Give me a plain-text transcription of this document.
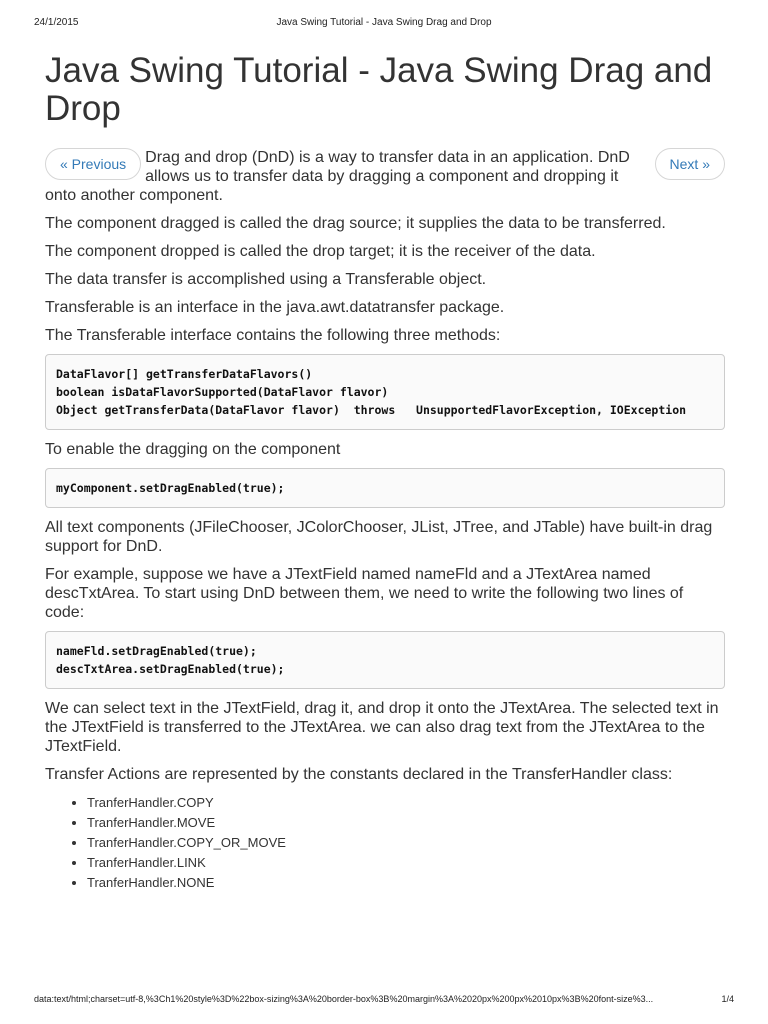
24/1/2015	Java Swing Tutorial - Java Swing Drag and Drop
Java Swing Tutorial - Java Swing Drag and Drop
« Previous	Next »

Drag and drop (DnD) is a way to transfer data in an application. DnD allows us to transfer data by dragging a component and dropping it onto another component.

The component dragged is called the drag source; it supplies the data to be transferred.

The component dropped is called the drop target; it is the receiver of the data.

The data transfer is accomplished using a Transferable object.

Transferable is an interface in the java.awt.datatransfer package.

The Transferable interface contains the following three methods:

DataFlavor[] getTransferDataFlavors()
boolean isDataFlavorSupported(DataFlavor flavor)
Object getTransferData(DataFlavor flavor)  throws   UnsupportedFlavorException, IOException

To enable the dragging on the component

myComponent.setDragEnabled(true);

All text components (JFileChooser, JColorChooser, JList, JTree, and JTable) have built-in drag support for DnD.

For example, suppose we have a JTextField named nameFld and a JTextArea named descTxtArea. To start using DnD between them, we need to write the following two lines of code:

nameFld.setDragEnabled(true);
descTxtArea.setDragEnabled(true);

We can select text in the JTextField, drag it, and drop it onto the JTextArea. The selected text in the JTextField is transferred to the JTextArea. we can also drag text from the JTextArea to the JTextField.

Transfer Actions are represented by the constants declared in the TransferHandler class:

• TranferHandler.COPY
• TranferHandler.MOVE
• TranferHandler.COPY_OR_MOVE
• TranferHandler.LINK
• TranferHandler.NONE
data:text/html;charset=utf-8,%3Ch1%20style%3D%22box-sizing%3A%20border-box%3B%20margin%3A%2020px%200px%2010px%3B%20font-size%3...	1/4
